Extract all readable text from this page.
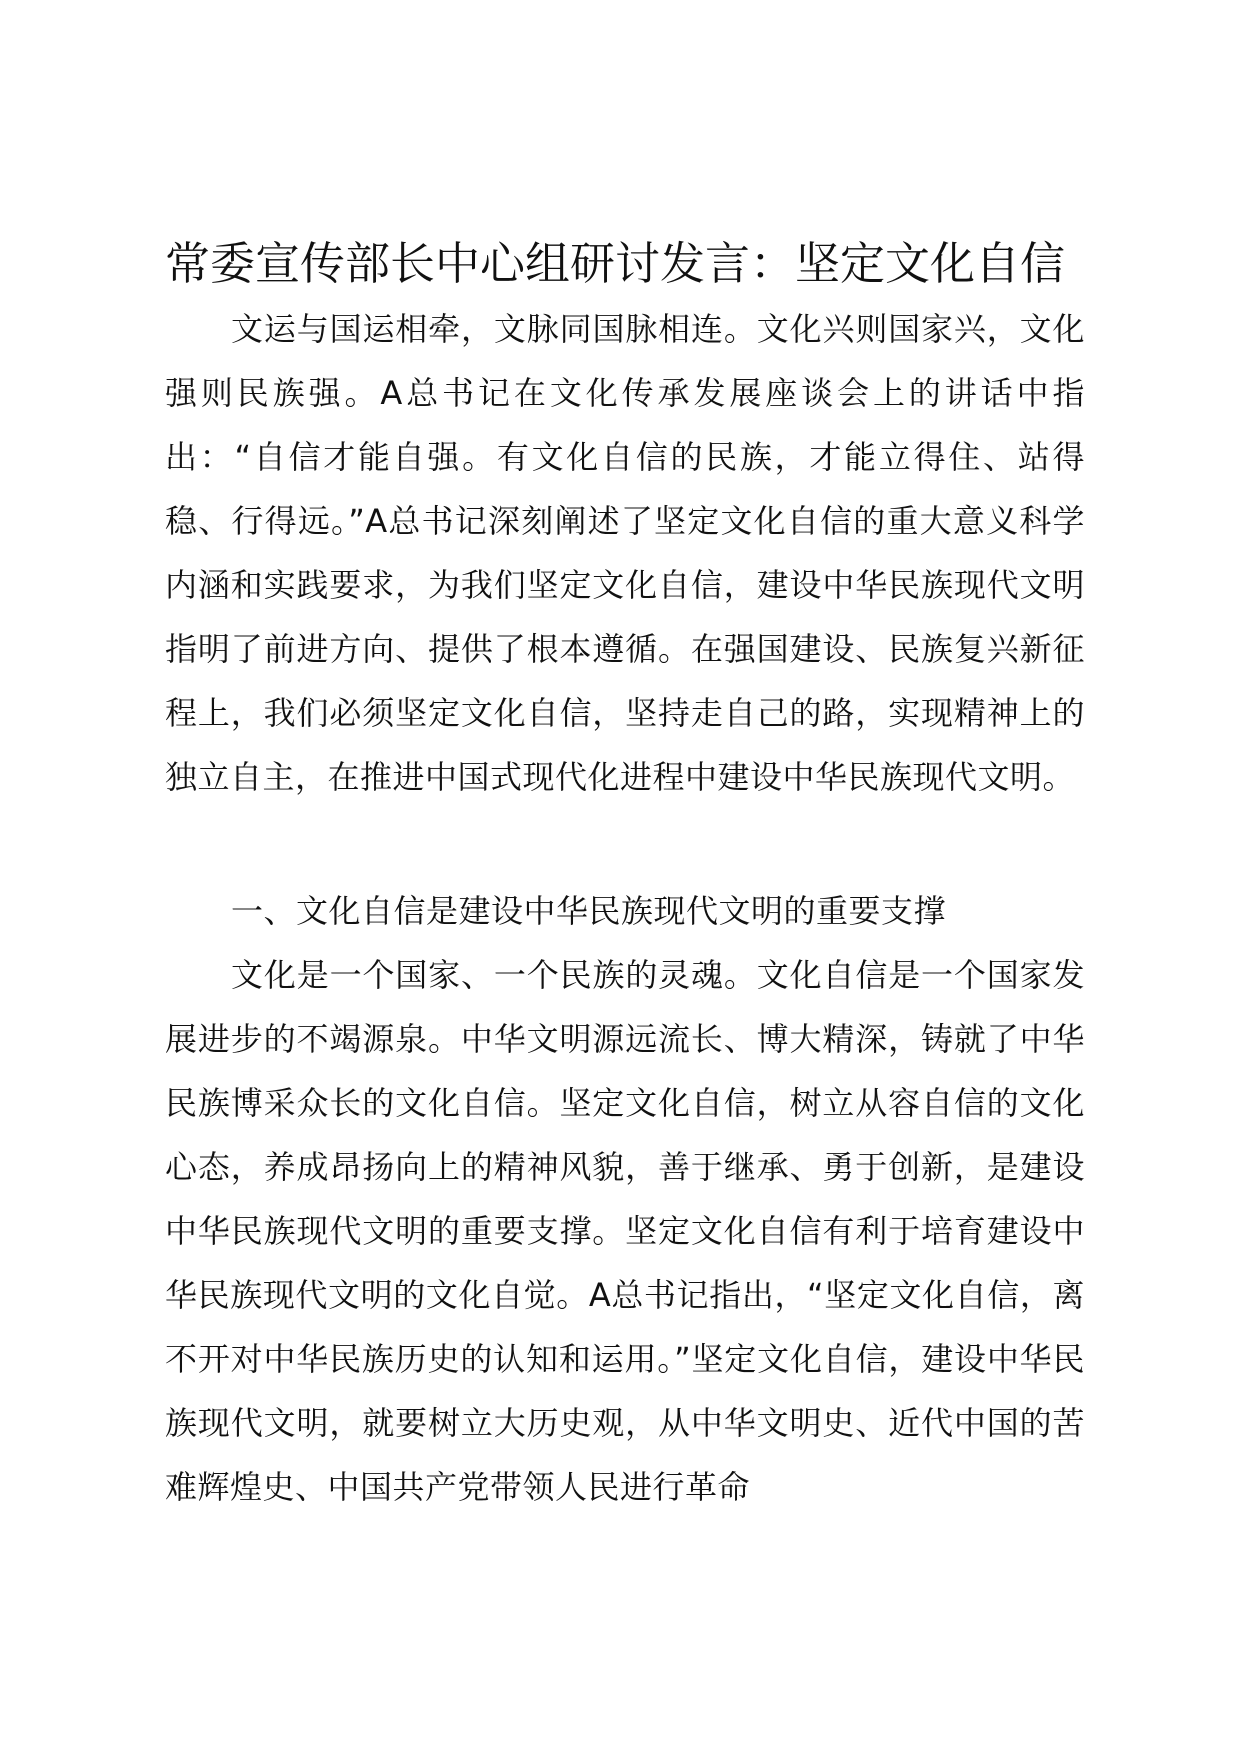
常委宣传部长中心组研讨发言：坚定文化自信

文运与国运相牵，文脉同国脉相连。文化兴则国家兴，文化强则民族强。A总书记在文化传承发展座谈会上的讲话中指出：“自信才能自强。有文化自信的民族，才能立得住、站得稳、行得远。”A总书记深刻阐述了坚定文化自信的重大意义科学内涵和实践要求，为我们坚定文化自信，建设中华民族现代文明指明了前进方向、提供了根本遵循。在强国建设、民族复兴新征程上，我们必须坚定文化自信，坚持走自己的路，实现精神上的独立自主，在推进中国式现代化进程中建设中华民族现代文明。

一、文化自信是建设中华民族现代文明的重要支撑

文化是一个国家、一个民族的灵魂。文化自信是一个国家发展进步的不竭源泉。中华文明源远流长、博大精深，铸就了中华民族博采众长的文化自信。坚定文化自信，树立从容自信的文化心态，养成昂扬向上的精神风貌，善于继承、勇于创新，是建设中华民族现代文明的重要支撑。坚定文化自信有利于培育建设中华民族现代文明的文化自觉。A总书记指出，“坚定文化自信，离不开对中华民族历史的认知和运用。”坚定文化自信，建设中华民族现代文明，就要树立大历史观，从中华文明史、近代中国的苦难辉煌史、中国共产党带领人民进行革命
